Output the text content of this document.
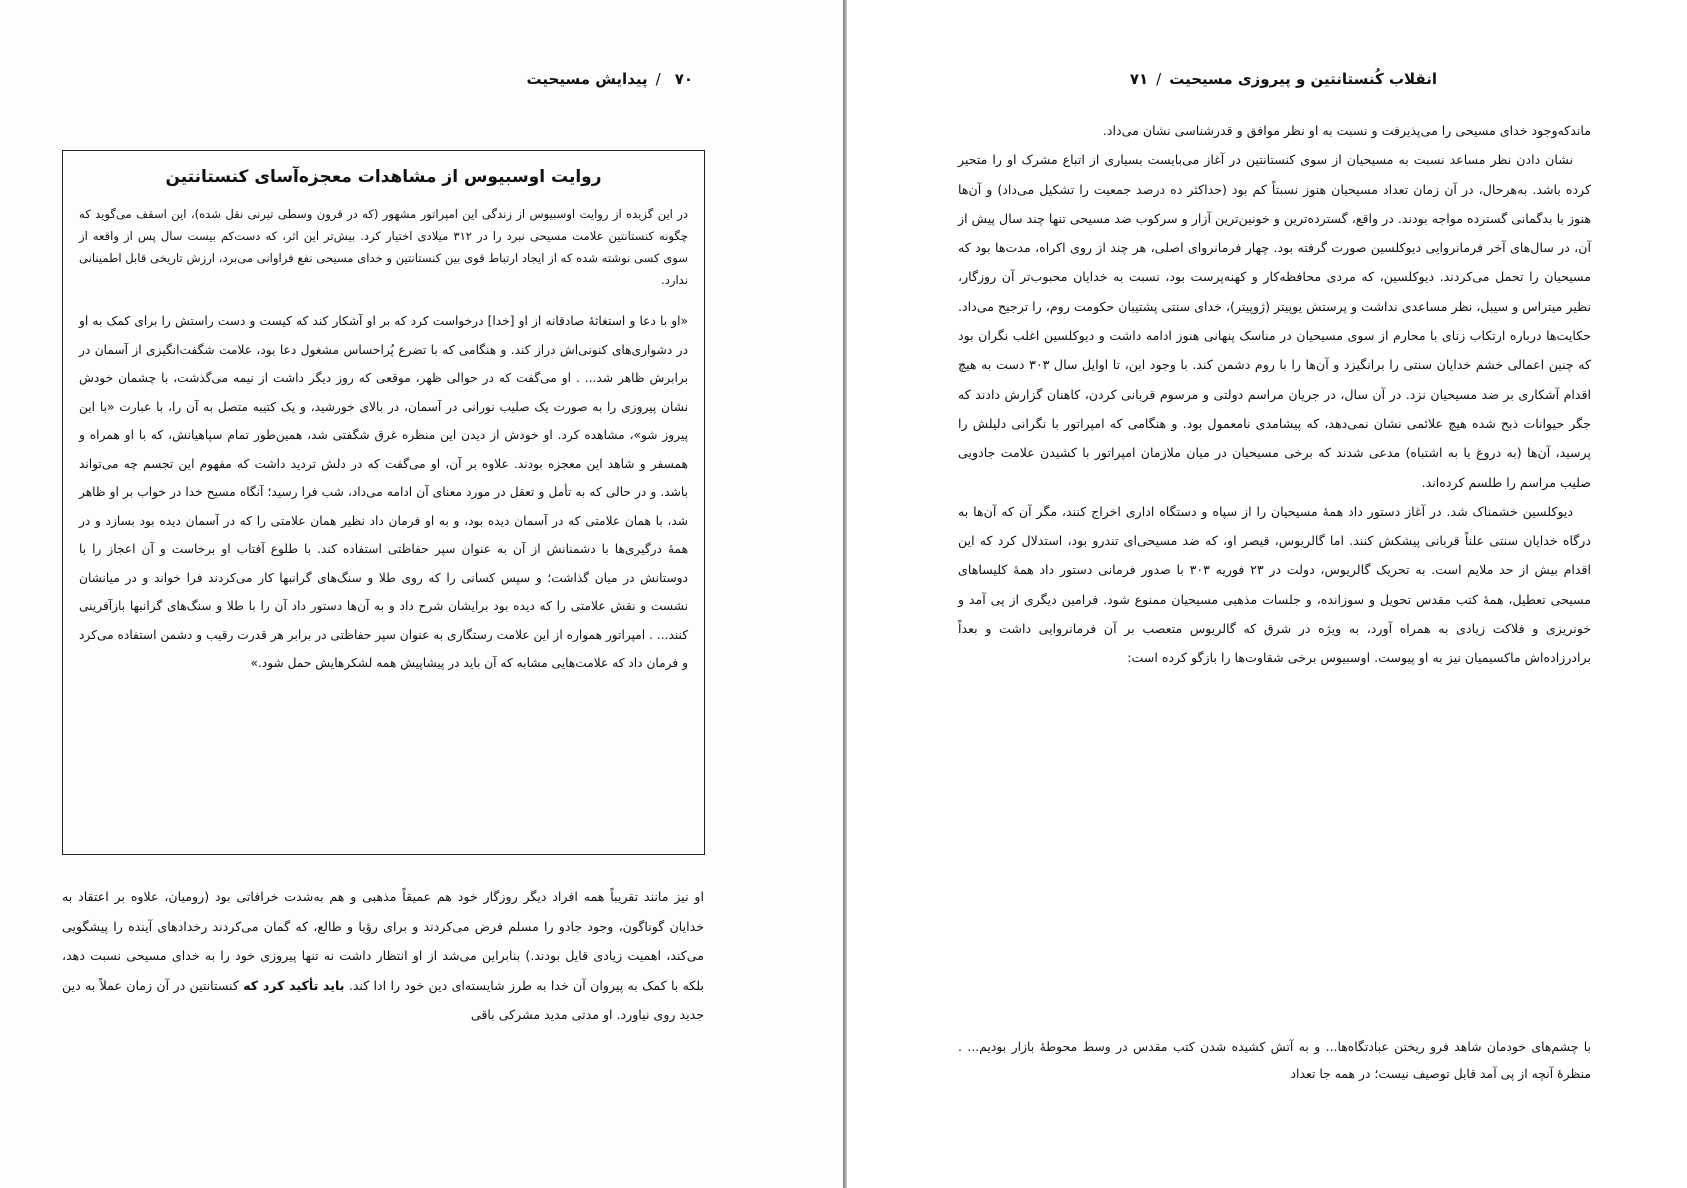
٧٠/پیدایش مسیحیت
روایت اوسبیوس از مشاهدات معجزه‌آسای کنستانتین

در این گزیده از روایت اوسبیوس از زندگی این امپراتور مشهور (که در قرون وسطی تیرنی نقل شده)، این اسقف می‌گوید که چگونه کنستانتین علامت مسیحی نبرد را در ۳۱۲ میلادی اختیار کرد. بیش‌تر این اثر، که دست‌کم بیست سال پس از واقعه از سوی کسی نوشته شده که از ایجاد ارتباط قوی بین کنستانتین و خدای مسیحی نفع فراوانی می‌برد، ارزش تاریخی قابل اطمینانی ندارد.

«او با دعا و استغاثهٔ صادقانه از او [خدا] درخواست کرد که بر او آشکار کند که کیست و دست راستش را برای کمک به او در دشواری‌های کنونی‌اش دراز کند. و هنگامی که با تضرع پُراحساس مشغول دعا بود، علامت شگفت‌انگیزی از آسمان در برابرش ظاهر شد... . او می‌گفت که در حوالی ظهر، موقعی که روز دیگر داشت از نیمه می‌گذشت، با چشمان خودش نشان پیروزی را به صورت یک صلیب نورانی در آسمان، در بالای خورشید، و یک کتیبه متصل به آن را، با عبارت «با این پیروز شو»، مشاهده کرد. او خودش از دیدن این منظره غرق شگفتی شد، همین‌طور تمام سپاهیانش، که با او همراه و همسفر و شاهد این معجزه بودند. علاوه بر آن، او می‌گفت که در دلش تردید داشت که مفهوم این تجسم چه می‌تواند باشد. و در حالی که به تأمل و تعقل در مورد معنای آن ادامه می‌داد، شب فرا رسید؛ آنگاه مسیح خدا در خواب بر او ظاهر شد، با همان علامتی که در آسمان دیده بود، و به او فرمان داد نظیر همان علامتی را که در آسمان دیده بود بسازد و در همهٔ درگیری‌ها با دشمنانش از آن به عنوان سپر حفاظتی استفاده کند. با طلوع آفتاب او برخاست و آن اعجاز را با دوستانش در میان گذاشت؛ و سپس کسانی را که روی طلا و سنگ‌های گرانبها کار می‌کردند فرا خواند و در میانشان نشست و نقش علامتی را که دیده بود برایشان شرح داد و به آن‌ها دستور داد آن را با طلا و سنگ‌های گرانبها بازآفرینی کنند... . امپراتور همواره از این علامت رستگاری به عنوان سپر حفاظتی در برابر هر قدرت رقیب و دشمن استفاده می‌کرد و فرمان داد که علامت‌هایی مشابه که آن باید در پیشاپیش همه لشکرهایش حمل شود.»

او نیز مانند تقریباً همه افراد دیگر روزگار خود هم عمیقاً مذهبی و هم به‌شدت خرافاتی بود (رومیان، علاوه بر اعتقاد به خدایان گوناگون، وجود جادو را مسلم فرض می‌کردند و برای رؤیا و طالع، که گمان می‌کردند رخدادهای آینده را پیشگویی می‌کند، اهمیت زیادی قایل بودند.) بنابراین می‌شد از او انتظار داشت نه تنها پیروزی خود را به خدای مسیحی نسبت دهد، بلکه با کمک به پیروان آن خدا به طرز شایسته‌ای دین خود را ادا کند. باید تأکید کرد که کنستانتین در آن زمان عملاً به دین جدید روی نیاورد. او مدتی مدید مشرکی باقی
انقلاب کُنستانتین و پیروزی مسیحیت/٧١

ماند‌که‌وجود خدای مسیحی را می‌پذیرفت و نسبت به او نظر موافق و قدرشناسی نشان می‌داد.

نشان دادن نظر مساعد نسبت به مسیحیان از سوی کنستانتین در آغاز می‌بایست بسیاری از اتباع مشرک او را متحیر کرده باشد. به‌هرحال، در آن زمان تعداد مسیحیان هنوز نسبتاً کم بود (حداکثر ده درصد جمعیت را تشکیل می‌داد) و آن‌ها هنوز با بدگمانی گسترده مواجه بودند. در واقع، گسترده‌ترین و خونین‌ترین آزار و سرکوب ضد مسیحی تنها چند سال پیش از آن، در سال‌های آخر فرمانروایی دیوکلسین صورت گرفته بود. چهار فرمانروای اصلی، هر چند از روی اکراه، مدت‌ها بود که مسیحیان را تحمل می‌کردند. دیوکلسین، که مردی محافظه‌کار و کهنه‌پرست بود، نسبت به خدایان محبوب‌تر آن روزگار، نظیر میتراس و سیبل، نظر مساعدی نداشت و پرستش یوپیتر (ژوپیتر)، خدای سنتی پشتیبان حکومت روم، را ترجیح می‌داد. حکایت‌ها درباره ارتکاب زنای با محارم از سوی مسیحیان در مناسک پنهانی هنوز ادامه داشت و دیوکلسین اغلب نگران بود که چنین اعمالی خشم خدایان سنتی را برانگیزد و آن‌ها را با روم دشمن کند. با وجود این، تا اوایل سال ۳۰۳ دست به هیچ اقدام آشکاری بر ضد مسیحیان نزد. در آن سال، در جریان مراسم دولتی و مرسوم قربانی کردن، کاهنان گزارش دادند که جگر حیوانات ذبح شده هیچ علائمی نشان نمی‌دهد، که پیشامدی نامعمول بود. و هنگامی که امپراتور با نگرانی دلیلش را پرسید، آن‌ها (به دروغ یا به اشتباه) مدعی شدند که برخی مسیحیان در میان ملازمان امپراتور با کشیدن علامت جادویی صلیب مراسم را طلسم کرده‌اند.

دیوکلسین خشمناک شد. در آغاز دستور داد همهٔ مسیحیان را از سپاه و دستگاه اداری اخراج کنند، مگر آن که آن‌ها به درگاه خدایان سنتی علناً قربانی پیشکش کنند. اما گالریوس، قیصر او، که ضد مسیحی‌ای تندرو بود، استدلال کرد که این اقدام بیش از حد ملایم است. به تحریک گالریوس، دولت در ۲۳ فوریه ۳۰۳ با صدور فرمانی دستور داد همهٔ کلیساهای مسیحی تعطیل، همهٔ کتب مقدس تحویل و سوزانده، و جلسات مذهبی مسیحیان ممنوع شود. فرامین دیگری از پی آمد و خونریزی و فلاکت زیادی به همراه آورد، به ویژه در شرق که گالریوس متعصب بر آن فرمانروایی داشت و بعداً برادرزاده‌اش ماکسیمیان نیز به او پیوست. اوسبیوس برخی شقاوت‌ها را بازگو کرده است:

با چشم‌های خودمان شاهد فرو ریختن عبادتگاه‌ها... و به آتش کشیده شدن کتب مقدس در وسط محوطهٔ بازار بودیم... . منظرهٔ آنچه از پی آمد قابل توصیف نیست؛ در همه جا تعداد
